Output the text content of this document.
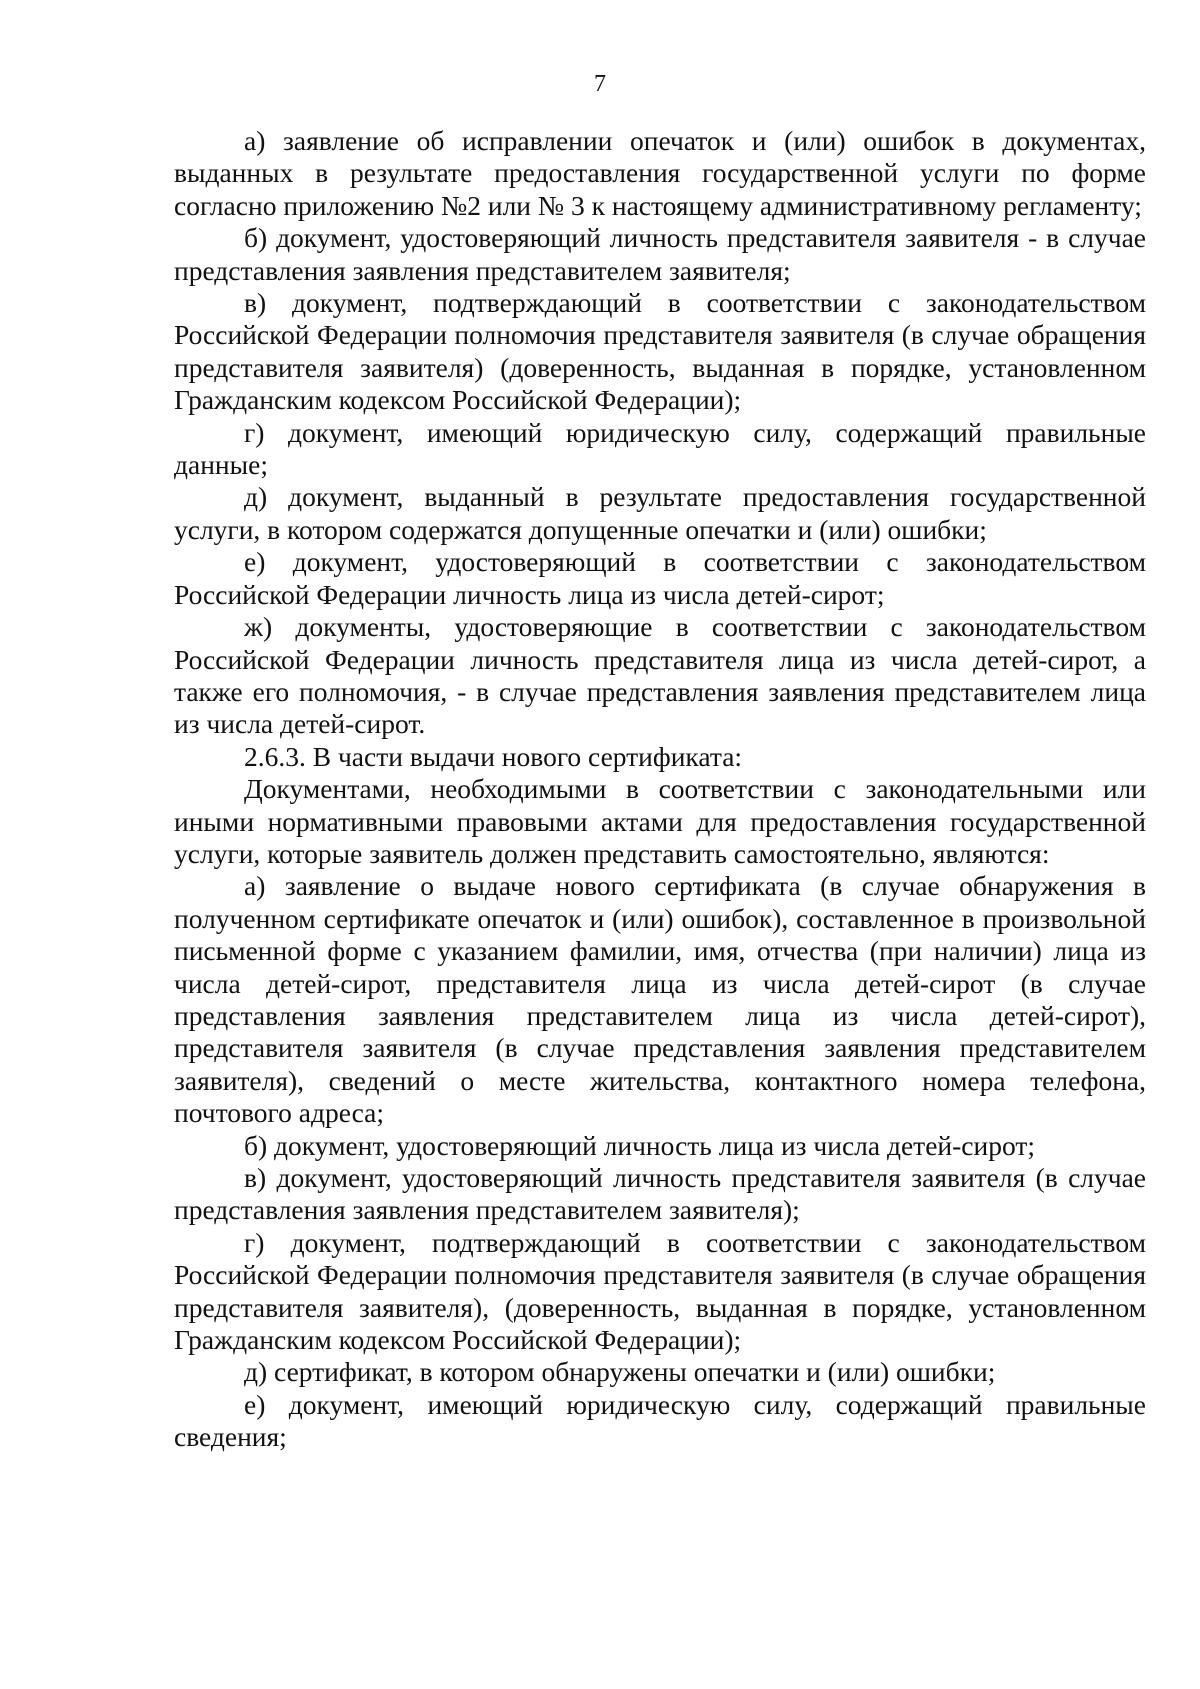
7

а) заявление об исправлении опечаток и (или) ошибок в документах, выданных в результате предоставления государственной услуги по форме согласно приложению №2 или № 3 к настоящему административному регламенту;

б) документ, удостоверяющий личность представителя заявителя - в случае представления заявления представителем заявителя;

в) документ, подтверждающий в соответствии с законодательством Российской Федерации полномочия представителя заявителя (в случае обращения представителя заявителя) (доверенность, выданная в порядке, установленном Гражданским кодексом Российской Федерации);

г) документ, имеющий юридическую силу, содержащий правильные данные;

д) документ, выданный в результате предоставления государственной услуги, в котором содержатся допущенные опечатки и (или) ошибки;

е) документ, удостоверяющий в соответствии с законодательством Российской Федерации личность лица из числа детей-сирот;

ж) документы, удостоверяющие в соответствии с законодательством Российской Федерации личность представителя лица из числа детей-сирот, а также его полномочия, - в случае представления заявления представителем лица из числа детей-сирот.

2.6.3. В части выдачи нового сертификата:

Документами, необходимыми в соответствии с законодательными или иными нормативными правовыми актами для предоставления государственной услуги, которые заявитель должен представить самостоятельно, являются:

а) заявление о выдаче нового сертификата (в случае обнаружения в полученном сертификате опечаток и (или) ошибок), составленное в произвольной письменной форме с указанием фамилии, имя, отчества (при наличии) лица из числа детей-сирот, представителя лица из числа детей-сирот (в случае представления заявления представителем лица из числа детей-сирот), представителя заявителя (в случае представления заявления представителем заявителя), сведений о месте жительства, контактного номера телефона, почтового адреса;

б) документ, удостоверяющий личность лица из числа детей-сирот;

в) документ, удостоверяющий личность представителя заявителя (в случае представления заявления представителем заявителя);

г) документ, подтверждающий в соответствии с законодательством Российской Федерации полномочия представителя заявителя (в случае обращения представителя заявителя), (доверенность, выданная в порядке, установленном Гражданским кодексом Российской Федерации);

д) сертификат, в котором обнаружены опечатки и (или) ошибки;

е) документ, имеющий юридическую силу, содержащий правильные сведения;
